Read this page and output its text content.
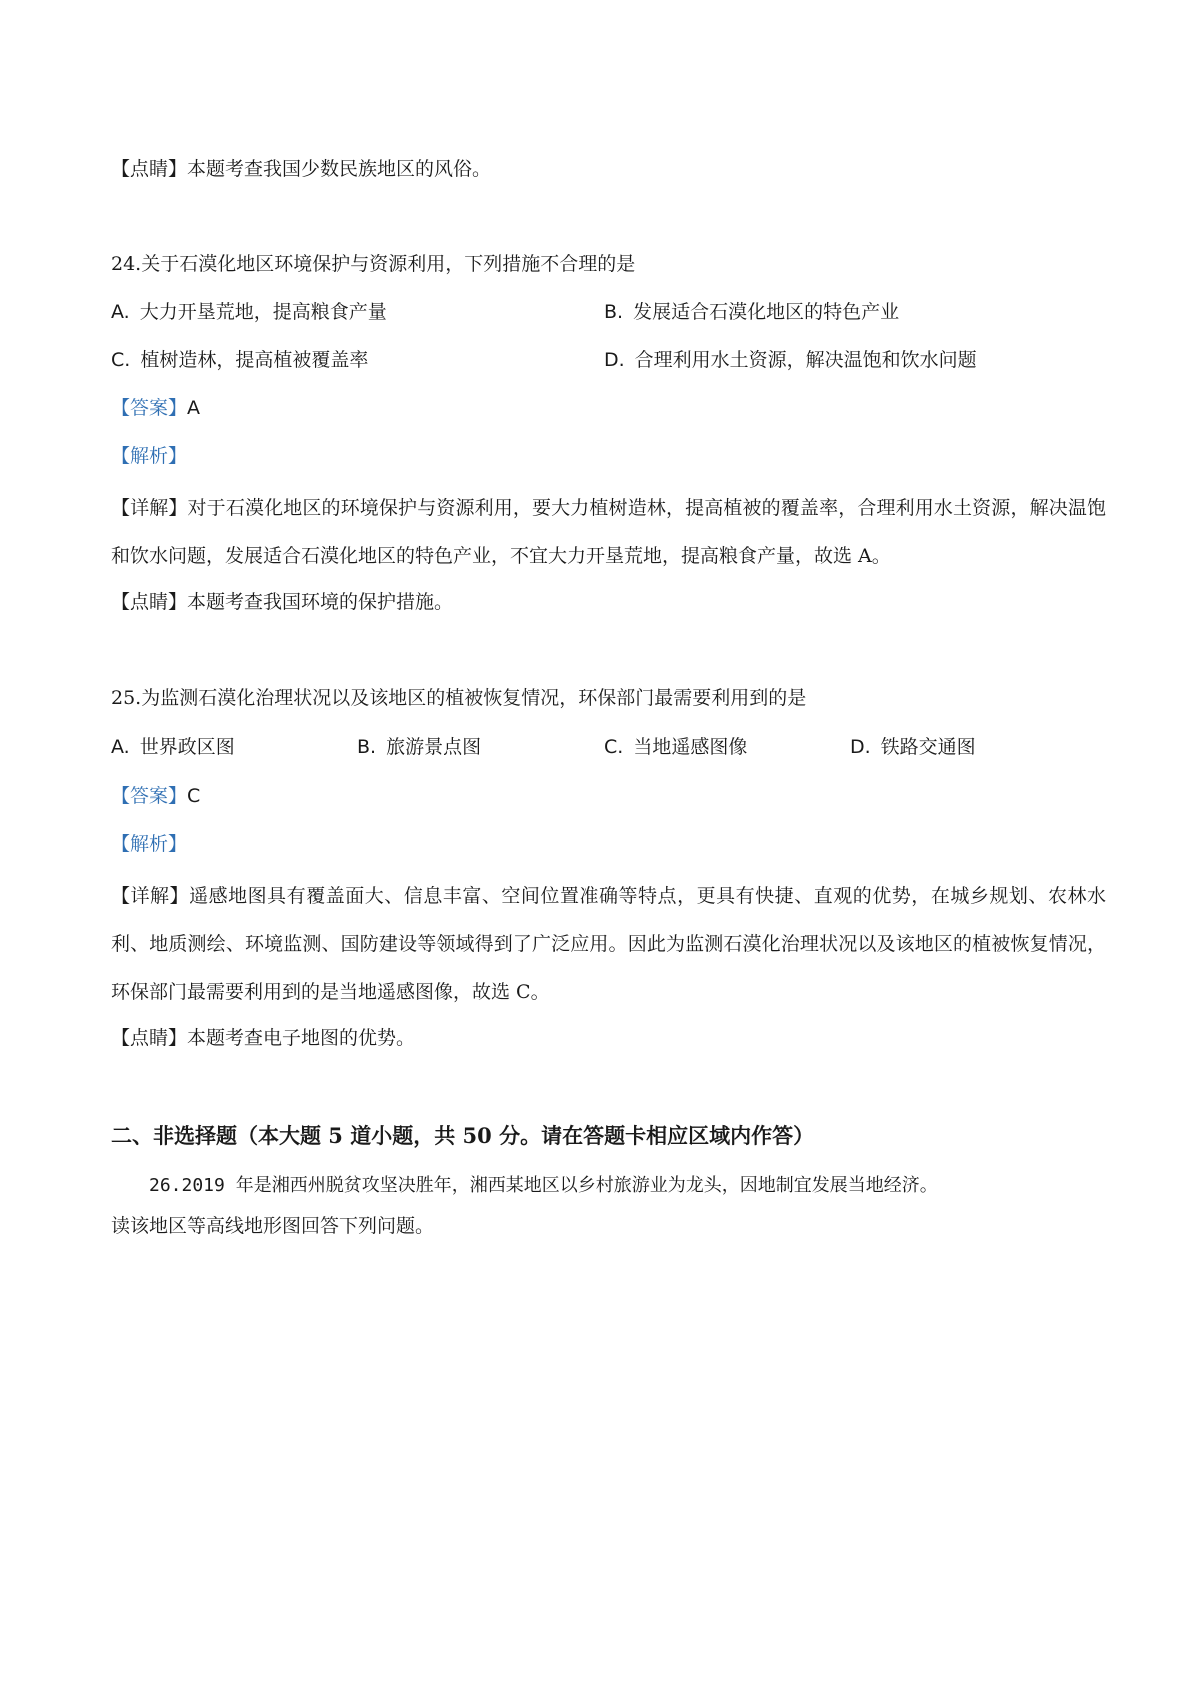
【点睛】本题考查我国少数民族地区的风俗。
24.关于石漠化地区环境保护与资源利用，下列措施不合理的是
A. 大力开垦荒地，提高粮食产量	B. 发展适合石漠化地区的特色产业
C. 植树造林，提高植被覆盖率	D. 合理利用水土资源，解决温饱和饮水问题
【答案】A
【解析】
【详解】对于石漠化地区的环境保护与资源利用，要大力植树造林，提高植被的覆盖率，合理利用水土资源，解决温饱和饮水问题，发展适合石漠化地区的特色产业，不宜大力开垦荒地，提高粮食产量，故选 A。
【点睛】本题考查我国环境的保护措施。
25.为监测石漠化治理状况以及该地区的植被恢复情况，环保部门最需要利用到的是
A. 世界政区图	B. 旅游景点图	C. 当地遥感图像	D. 铁路交通图
【答案】C
【解析】
【详解】遥感地图具有覆盖面大、信息丰富、空间位置准确等特点，更具有快捷、直观的优势，在城乡规划、农林水利、地质测绘、环境监测、国防建设等领域得到了广泛应用。因此为监测石漠化治理状况以及该地区的植被恢复情况，环保部门最需要利用到的是当地遥感图像，故选 C。
【点睛】本题考查电子地图的优势。
二、非选择题（本大题 5 道小题，共 50 分。请在答题卡相应区域内作答）
26.2019 年是湘西州脱贫攻坚决胜年，湘西某地区以乡村旅游业为龙头，因地制宜发展当地经济。
读该地区等高线地形图回答下列问题。
